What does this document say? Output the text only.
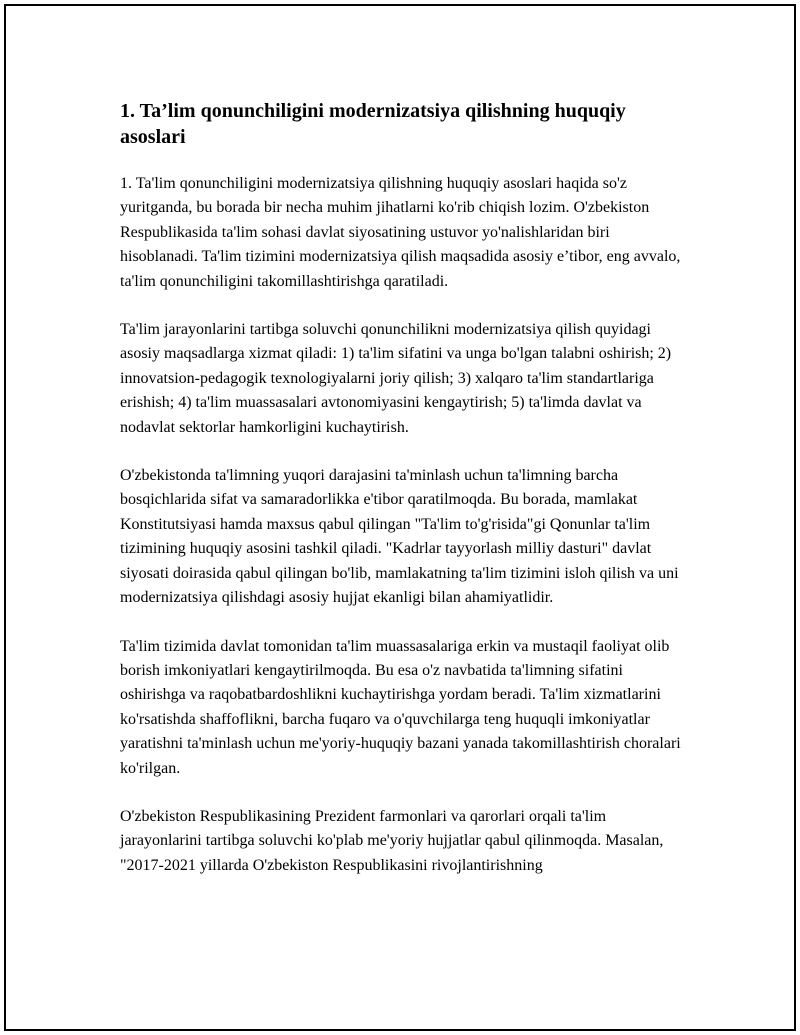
1. Ta’lim qonunchiligini modernizatsiya qilishning huquqiy asoslari

1. Ta'lim qonunchiligini modernizatsiya qilishning huquqiy asoslari haqida so'z yuritganda, bu borada bir necha muhim jihatlarni ko'rib chiqish lozim. O'zbekiston Respublikasida ta'lim sohasi davlat siyosatining ustuvor yo'nalishlaridan biri hisoblanadi. Ta'lim tizimini modernizatsiya qilish maqsadida asosiy e’tibor, eng avvalo, ta'lim qonunchiligini takomillashtirishga qaratiladi.

Ta'lim jarayonlarini tartibga soluvchi qonunchilikni modernizatsiya qilish quyidagi asosiy maqsadlarga xizmat qiladi: 1) ta'lim sifatini va unga bo'lgan talabni oshirish; 2) innovatsion-pedagogik texnologiyalarni joriy qilish; 3) xalqaro ta'lim standartlariga erishish; 4) ta'lim muassasalari avtonomiyasini kengaytirish; 5) ta'limda davlat va nodavlat sektorlar hamkorligini kuchaytirish.

O'zbekistonda ta'limning yuqori darajasini ta'minlash uchun ta'limning barcha bosqichlarida sifat va samaradorlikka e'tibor qaratilmoqda. Bu borada, mamlakat Konstitutsiyasi hamda maxsus qabul qilingan "Ta'lim to'g'risida"gi Qonunlar ta'lim tizimining huquqiy asosini tashkil qiladi. "Kadrlar tayyorlash milliy dasturi" davlat siyosati doirasida qabul qilingan bo'lib, mamlakatning ta'lim tizimini isloh qilish va uni modernizatsiya qilishdagi asosiy hujjat ekanligi bilan ahamiyatlidir.

Ta'lim tizimida davlat tomonidan ta'lim muassasalariga erkin va mustaqil faoliyat olib borish imkoniyatlari kengaytirilmoqda. Bu esa o'z navbatida ta'limning sifatini oshirishga va raqobatbardoshlikni kuchaytirishga yordam beradi. Ta'lim xizmatlarini ko'rsatishda shaffoflikni, barcha fuqaro va o'quvchilarga teng huquqli imkoniyatlar yaratishni ta'minlash uchun me'yoriy-huquqiy bazani yanada takomillashtirish choralari ko'rilgan.

O'zbekiston Respublikasining Prezident farmonlari va qarorlari orqali ta'lim jarayonlarini tartibga soluvchi ko'plab me'yoriy hujjatlar qabul qilinmoqda. Masalan, "2017-2021 yillarda O'zbekiston Respublikasini rivojlantirishning
